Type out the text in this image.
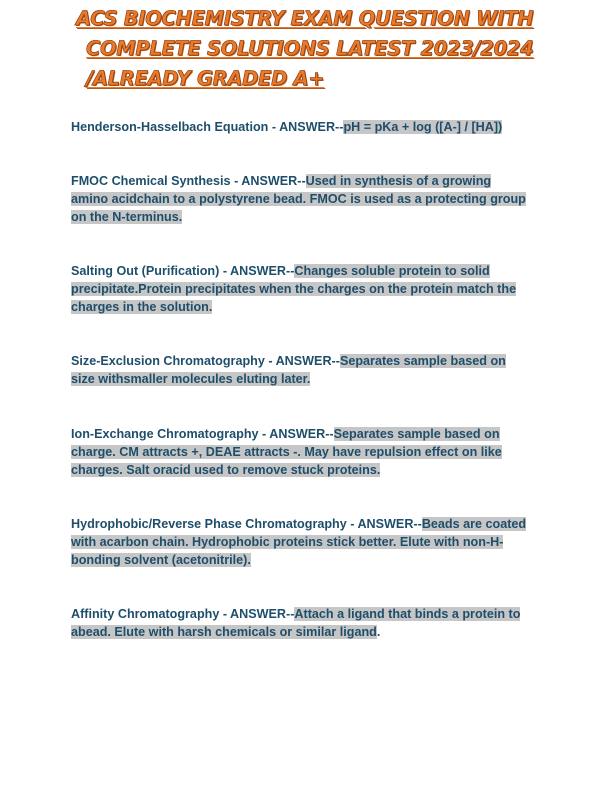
ACS BIOCHEMISTRY EXAM QUESTION WITH
COMPLETE SOLUTIONS LATEST 2023/2024
/ALREADY GRADED A+

Henderson-Hasselbach Equation - ANSWER--pH = pKa + log ([A-] / [HA])

FMOC Chemical Synthesis - ANSWER--Used in synthesis of a growing amino acidchain to a polystyrene bead. FMOC is used as a protecting group on the N-terminus.

Salting Out (Purification) - ANSWER--Changes soluble protein to solid precipitate.Protein precipitates when the charges on the protein match the charges in the solution.

Size-Exclusion Chromatography - ANSWER--Separates sample based on size withsmaller molecules eluting later.

Ion-Exchange Chromatography - ANSWER--Separates sample based on charge. CM attracts +, DEAE attracts -. May have repulsion effect on like charges. Salt oracid used to remove stuck proteins.

Hydrophobic/Reverse Phase Chromatography - ANSWER--Beads are coated with acarbon chain. Hydrophobic proteins stick better. Elute with non-H-bonding solvent (acetonitrile).

Affinity Chromatography - ANSWER--Attach a ligand that binds a protein to abead. Elute with harsh chemicals or similar ligand.
